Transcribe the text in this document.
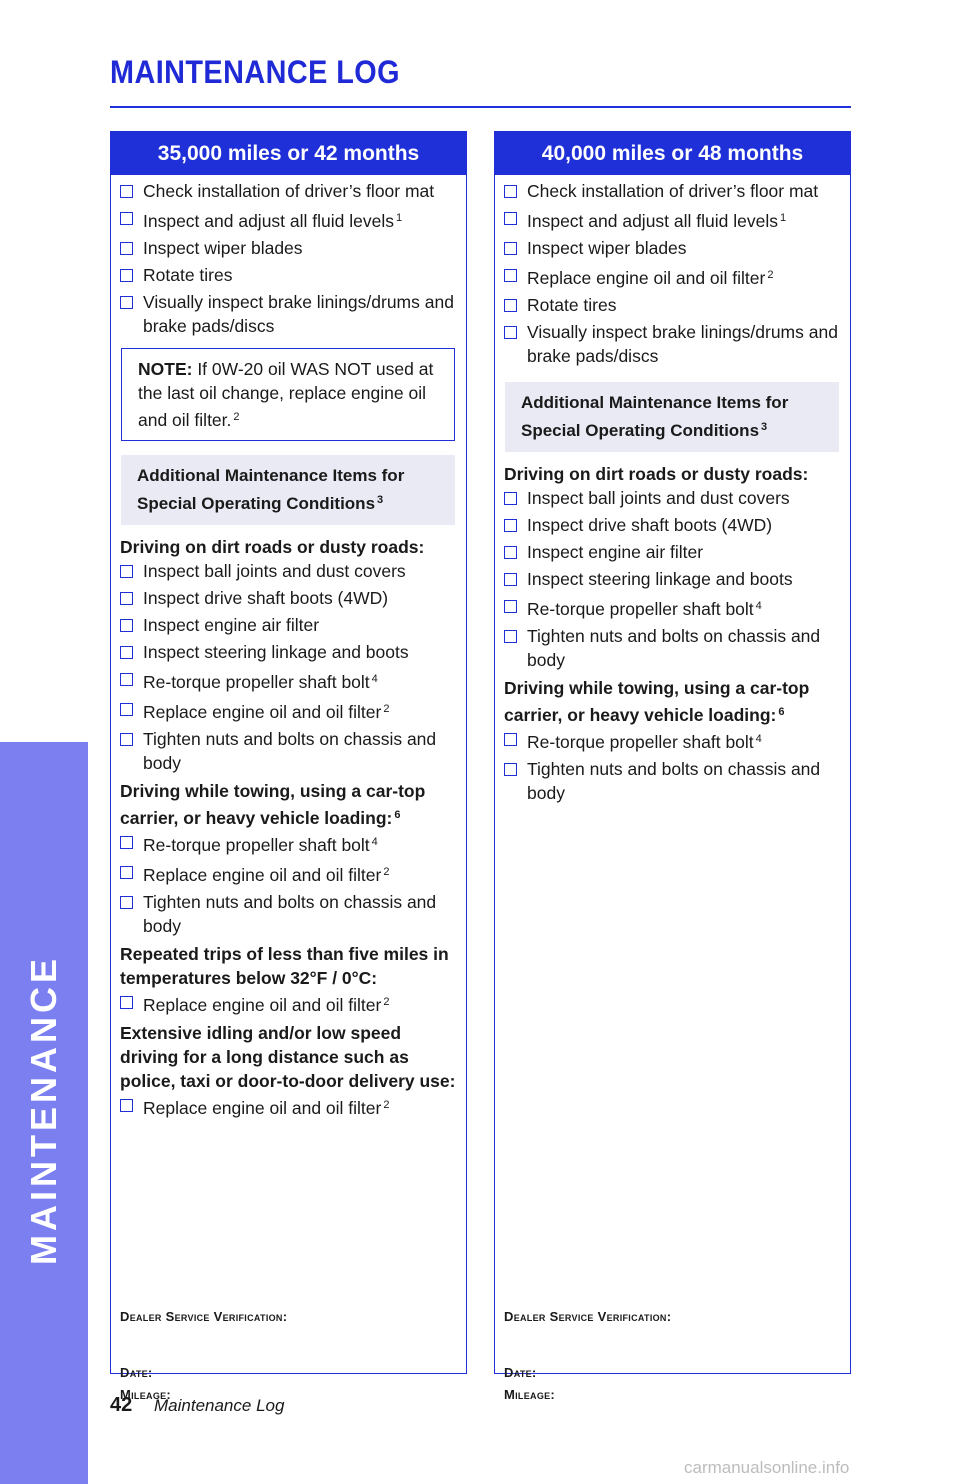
MAINTENANCE
MAINTENANCE LOG
35,000 miles or 42 months
Check installation of driver’s floor mat
Inspect and adjust all fluid levels $^1$
Inspect wiper blades
Rotate tires
Visually inspect brake linings/drums and brake pads/discs
NOTE: If 0W-20 oil WAS NOT used at the last oil change, replace engine oil and oil filter. $^2$
Additional Maintenance Items for Special Operating Conditions $^3$
Driving on dirt roads or dusty roads:
Inspect ball joints and dust covers
Inspect drive shaft boots (4WD)
Inspect engine air filter
Inspect steering linkage and boots
Re-torque propeller shaft bolt $^4$
Replace engine oil and oil filter $^2$
Tighten nuts and bolts on chassis and body
Driving while towing, using a car-top carrier, or heavy vehicle loading: $^6$
Re-torque propeller shaft bolt $^4$
Replace engine oil and oil filter $^2$
Tighten nuts and bolts on chassis and body
Repeated trips of less than five miles in temperatures below 32°F / 0°C:
Replace engine oil and oil filter $^2$
Extensive idling and/or low speed driving for a long distance such as police, taxi or door-to-door delivery use:
Replace engine oil and oil filter $^2$
Dealer Service Verification:
Date:
Mileage:
40,000 miles or 48 months
Check installation of driver’s floor mat
Inspect and adjust all fluid levels $^1$
Inspect wiper blades
Replace engine oil and oil filter $^2$
Rotate tires
Visually inspect brake linings/drums and brake pads/discs
Additional Maintenance Items for Special Operating Conditions $^3$
Driving on dirt roads or dusty roads:
Inspect ball joints and dust covers
Inspect drive shaft boots (4WD)
Inspect engine air filter
Inspect steering linkage and boots
Re-torque propeller shaft bolt $^4$
Tighten nuts and bolts on chassis and body
Driving while towing, using a car-top carrier, or heavy vehicle loading: $^6$
Re-torque propeller shaft bolt $^4$
Tighten nuts and bolts on chassis and body
Dealer Service Verification:
Date:
Mileage:
42 Maintenance Log
carmanualsonline.info
